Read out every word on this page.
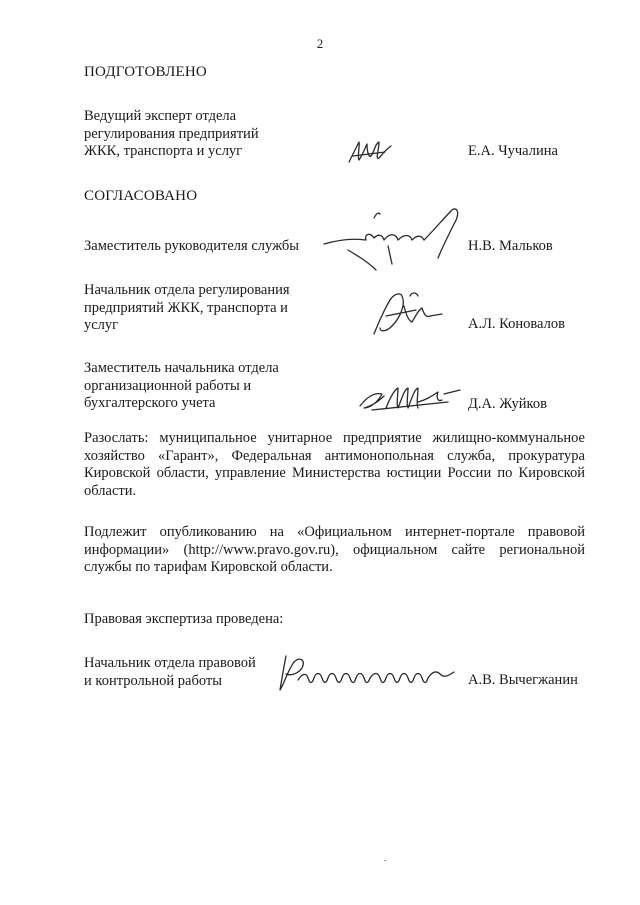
2
ПОДГОТОВЛЕНО
Ведущий эксперт отдела
регулирования предприятий
ЖКК, транспорта и услуг	Е.А. Чучалина
СОГЛАСОВАНО
Заместитель руководителя службы	Н.В. Мальков
Начальник отдела регулирования
предприятий ЖКК, транспорта и
услуг	А.Л. Коновалов
Заместитель начальника отдела
организационной работы и
бухгалтерского учета	Д.А. Жуйков
Разослать: муниципальное унитарное предприятие жилищно-коммунальное хозяйство «Гарант», Федеральная антимонопольная служба, прокуратура Кировской области, управление Министерства юстиции России по Кировской области.
Подлежит опубликованию на «Официальном интернет-портале правовой информации» (http://www.pravo.gov.ru), официальном сайте региональной службы по тарифам Кировской области.
Правовая экспертиза проведена:
Начальник отдела правовой
и контрольной работы	А.В. Вычегжанин
